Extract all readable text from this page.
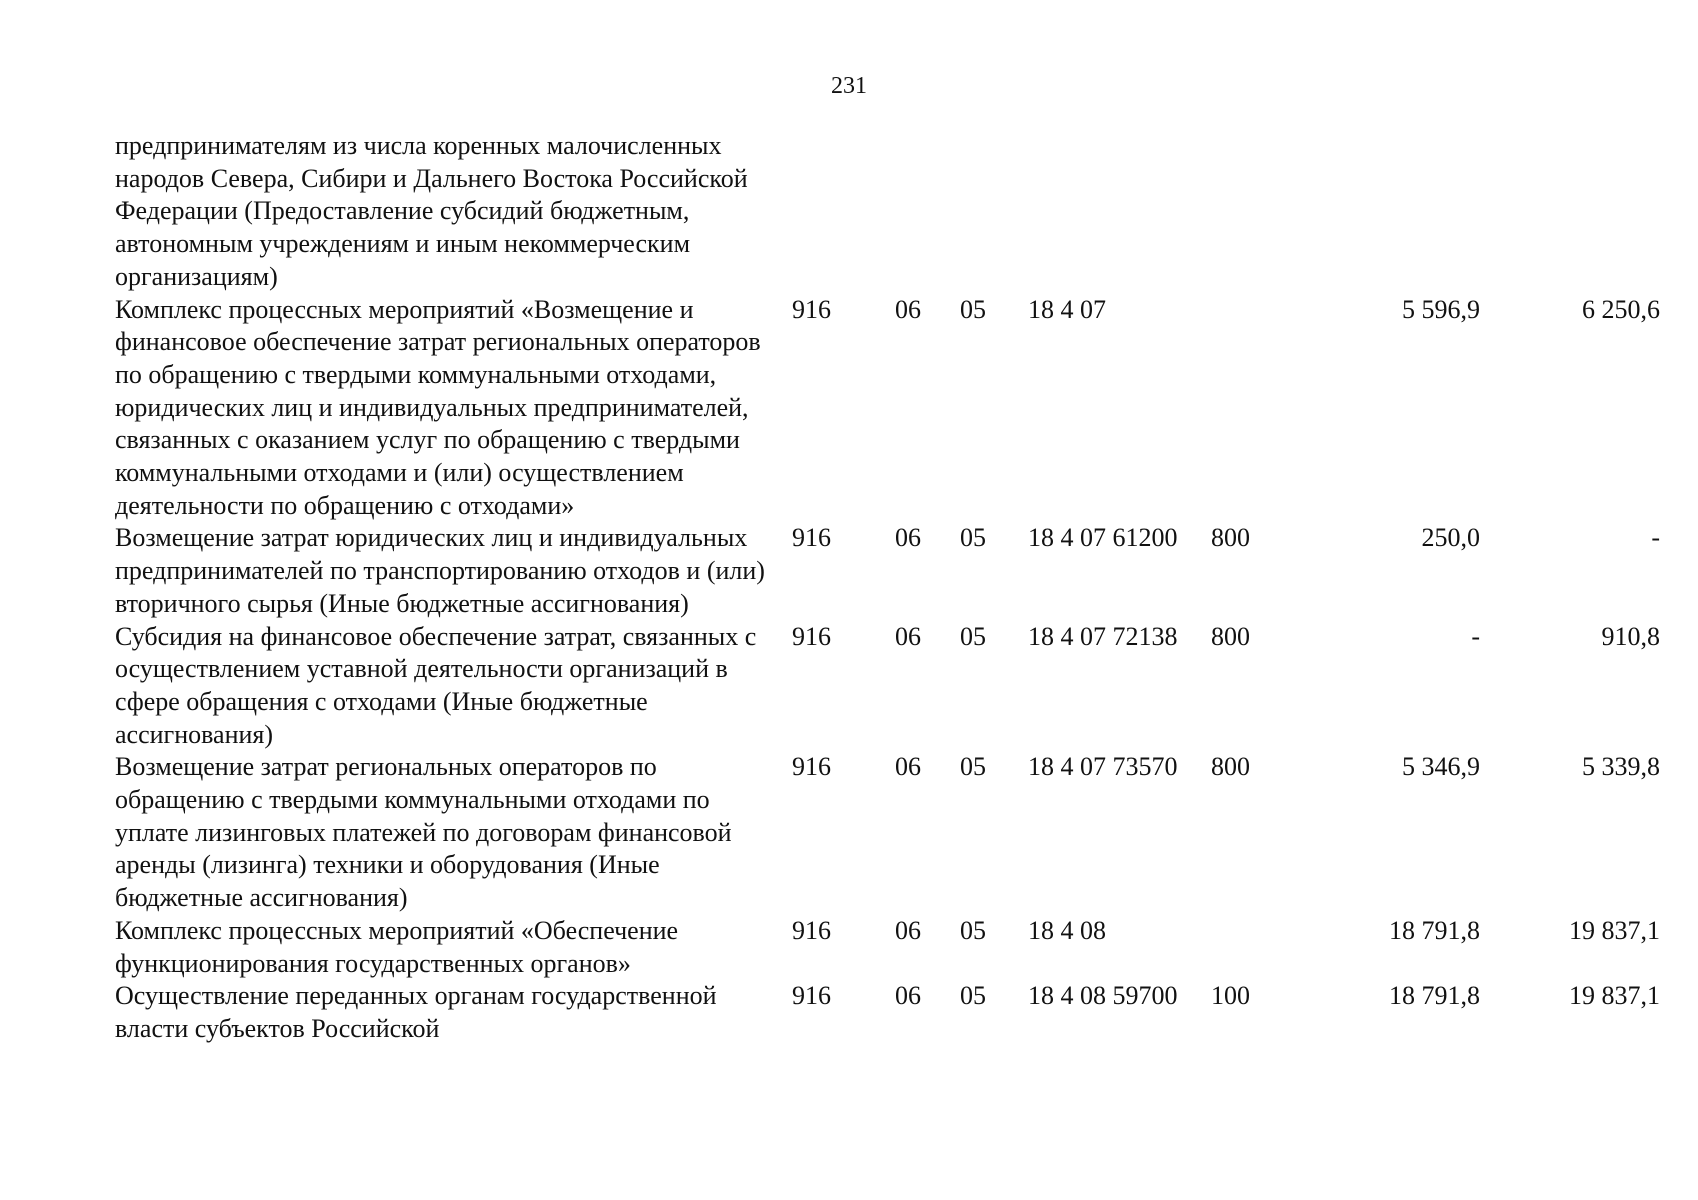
231
предпринимателям из числа коренных малочисленных народов Севера, Сибири и Дальнего Востока Российской Федерации (Предоставление субсидий бюджетным, автономным учреждениям и иным некоммерческим организациям)							
Комплекс процессных мероприятий «Возмещение и финансовое обеспечение затрат региональных операторов по обращению с твердыми коммунальными отходами, юридических лиц и индивидуальных предпринимателей, связанных с оказанием услуг по обращению с твердыми коммунальными отходами и (или) осуществлением деятельности по обращению с отходами»	916	06	05	18 4 07		5 596,9	6 250,6
Возмещение затрат юридических лиц и индивидуальных предпринимателей по транспортированию отходов и (или) вторичного сырья (Иные бюджетные ассигнования)	916	06	05	18 4 07 61200	800	250,0	-
Субсидия на финансовое обеспечение затрат, связанных с осуществлением уставной деятельности организаций в сфере обращения с отходами (Иные бюджетные ассигнования)	916	06	05	18 4 07 72138	800	-	910,8
Возмещение затрат региональных операторов по обращению с твердыми коммунальными отходами по уплате лизинговых платежей по договорам финансовой аренды (лизинга) техники и оборудования (Иные бюджетные ассигнования)	916	06	05	18 4 07 73570	800	5 346,9	5 339,8
Комплекс процессных мероприятий «Обеспечение функционирования государственных органов»	916	06	05	18 4 08		18 791,8	19 837,1
Осуществление переданных органам государственной власти субъектов Российской	916	06	05	18 4 08 59700	100	18 791,8	19 837,1
